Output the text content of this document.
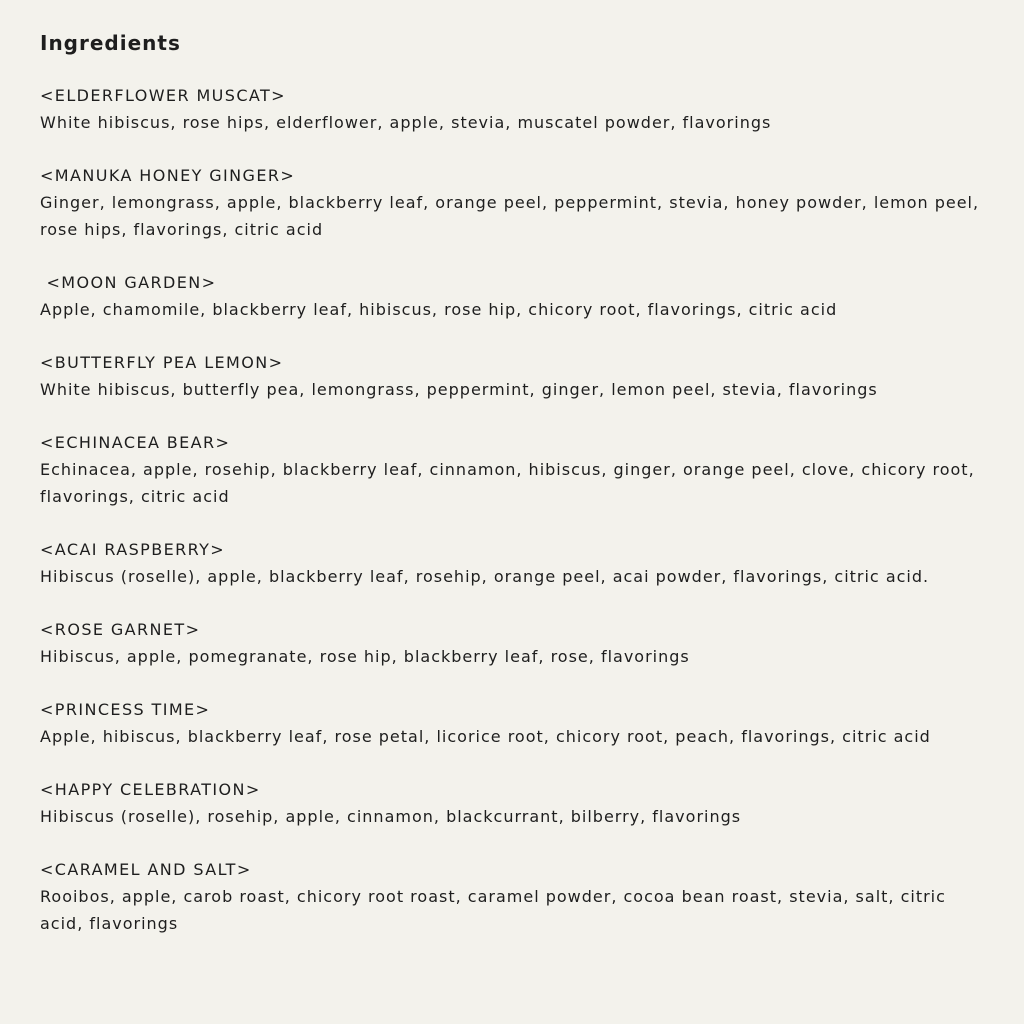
Ingredients
<ELDERFLOWER MUSCAT>
White hibiscus, rose hips, elderflower, apple, stevia, muscatel powder, flavorings
<MANUKA HONEY GINGER>
Ginger, lemongrass, apple, blackberry leaf, orange peel, peppermint, stevia, honey powder, lemon peel, rose hips, flavorings, citric acid
<MOON GARDEN>
Apple, chamomile, blackberry leaf, hibiscus, rose hip, chicory root, flavorings, citric acid
<BUTTERFLY PEA LEMON>
White hibiscus, butterfly pea, lemongrass, peppermint, ginger, lemon peel, stevia, flavorings
<ECHINACEA BEAR>
Echinacea, apple, rosehip, blackberry leaf, cinnamon, hibiscus, ginger, orange peel, clove, chicory root, flavorings, citric acid
<ACAI RASPBERRY>
Hibiscus (roselle), apple, blackberry leaf, rosehip, orange peel, acai powder, flavorings, citric acid.
<ROSE GARNET>
Hibiscus, apple, pomegranate, rose hip, blackberry leaf, rose, flavorings
<PRINCESS TIME>
Apple, hibiscus, blackberry leaf, rose petal, licorice root, chicory root, peach, flavorings, citric acid
<HAPPY CELEBRATION>
Hibiscus (roselle), rosehip, apple, cinnamon, blackcurrant, bilberry, flavorings
<CARAMEL AND SALT>
Rooibos, apple, carob roast, chicory root roast, caramel powder, cocoa bean roast, stevia, salt, citric acid, flavorings
